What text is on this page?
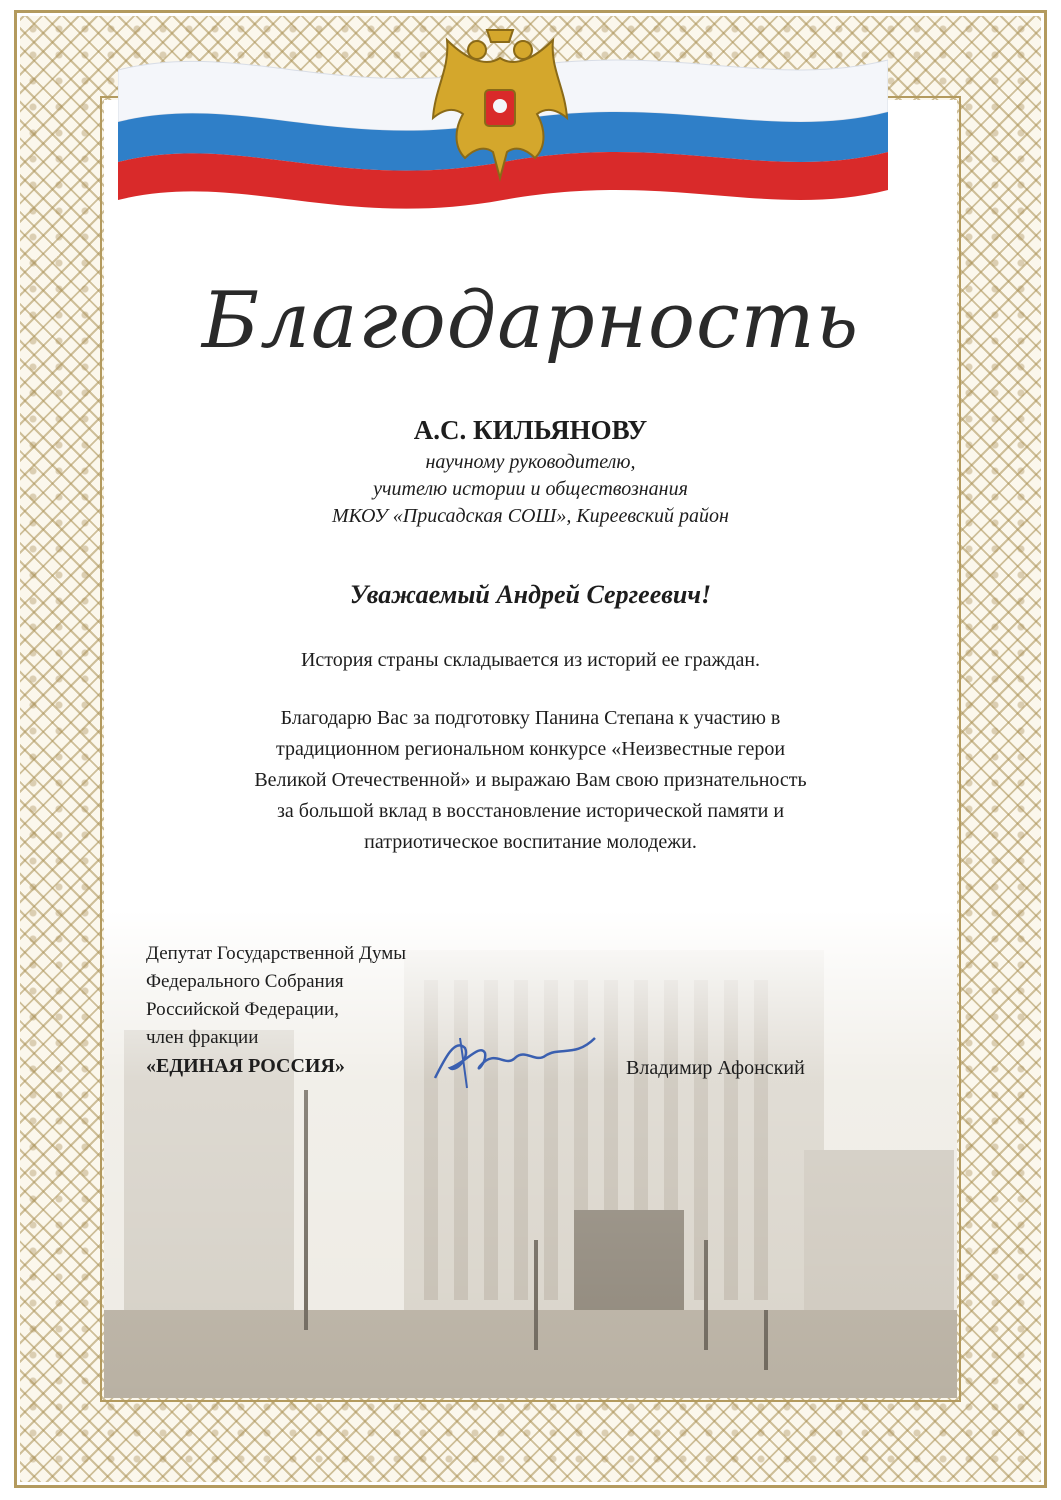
Благодарность
А.С. КИЛЬЯНОВУ
научному руководителю,
учителю истории и обществознания
МКОУ «Присадская СОШ», Киреевский район
Уважаемый Андрей Сергеевич!
История страны складывается из историй ее граждан.
Благодарю Вас за подготовку Панина Степана к участию в
традиционном региональном конкурсе «Неизвестные герои
Великой Отечественной» и выражаю Вам свою признательность
за большой вклад в восстановление исторической памяти и
патриотическое воспитание молодежи.
Депутат Государственной Думы
Федерального Собрания
Российской Федерации,
член фракции
«ЕДИНАЯ РОССИЯ»	Владимир Афонский
